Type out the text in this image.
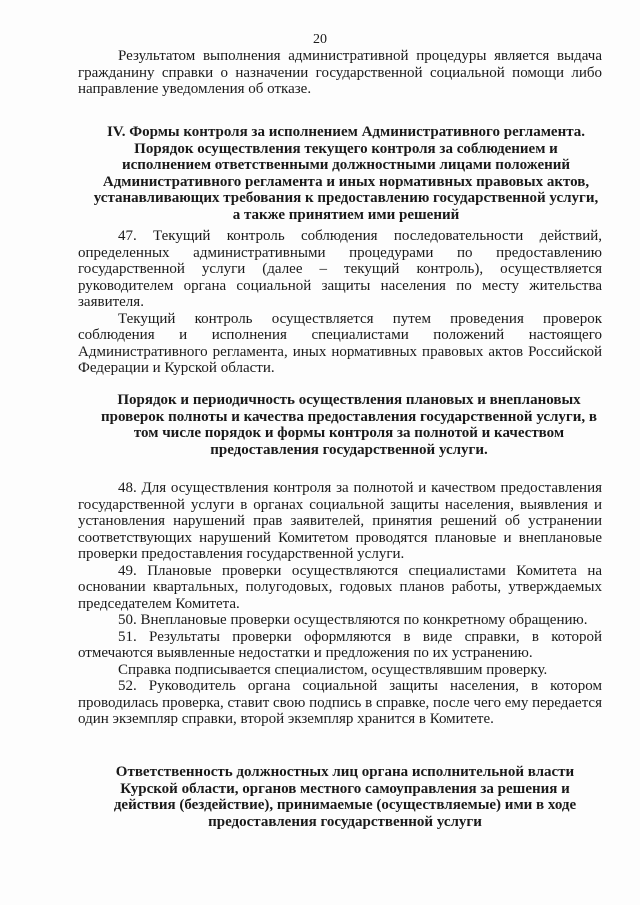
20

Результатом выполнения административной процедуры является выдача гражданину справки о назначении государственной социальной помощи либо направление уведомления об отказе.

IV. Формы контроля за исполнением Административного регламента. Порядок осуществления текущего контроля за соблюдением и исполнением ответственными должностными лицами положений Административного регламента и иных нормативных правовых актов, устанавливающих требования к предоставлению государственной услуги, а также принятием ими решений

47. Текущий контроль соблюдения последовательности действий, определенных административными процедурами по предоставлению государственной услуги (далее – текущий контроль), осуществляется руководителем органа социальной защиты населения по месту жительства заявителя.

Текущий контроль осуществляется путем проведения проверок соблюдения и исполнения специалистами положений настоящего Административного регламента, иных нормативных правовых актов Российской Федерации и Курской области.

Порядок и периодичность осуществления плановых и внеплановых проверок полноты и качества предоставления государственной услуги, в том числе порядок и формы контроля за полнотой и качеством предоставления государственной услуги.

48. Для осуществления контроля за полнотой и качеством предоставления государственной услуги в органах социальной защиты населения, выявления и установления нарушений прав заявителей, принятия решений об устранении соответствующих нарушений Комитетом проводятся плановые и внеплановые проверки предоставления государственной услуги.

49. Плановые проверки осуществляются специалистами Комитета на основании квартальных, полугодовых, годовых планов работы, утверждаемых председателем Комитета.

50. Внеплановые проверки осуществляются по конкретному обращению.

51. Результаты проверки оформляются в виде справки, в которой отмечаются выявленные недостатки и предложения по их устранению.

Справка подписывается специалистом, осуществлявшим проверку.

52. Руководитель органа социальной защиты населения, в котором проводилась проверка, ставит свою подпись в справке, после чего ему передается один экземпляр справки, второй экземпляр хранится в Комитете.

Ответственность должностных лиц органа исполнительной власти Курской области, органов местного самоуправления за решения и действия (бездействие), принимаемые (осуществляемые) ими в ходе предоставления государственной услуги
